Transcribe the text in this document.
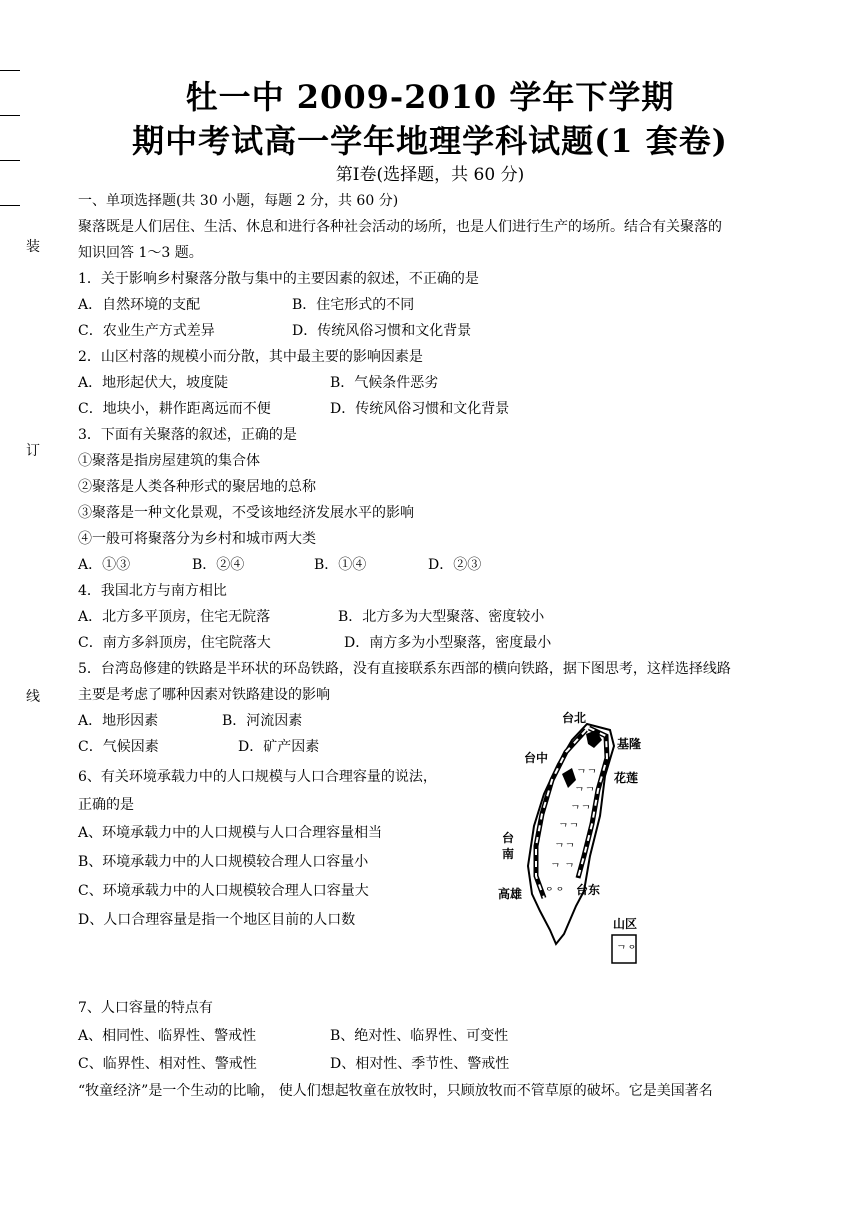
装
订
线
牡一中 2009-2010 学年下学期
期中考试高一学年地理学科试题(1 套卷)
第Ⅰ卷(选择题，共 60 分)
一、单项选择题(共 30 小题，每题 2 分，共 60 分)
聚落既是人们居住、生活、休息和进行各种社会活动的场所，也是人们进行生产的场所。结合有关聚落的
知识回答 1～3 题。
1．关于影响乡村聚落分散与集中的主要因素的叙述，不正确的是
A．自然环境的支配	B．住宅形式的不同
C．农业生产方式差异	D．传统风俗习惯和文化背景
2．山区村落的规模小而分散，其中最主要的影响因素是
A．地形起伏大，坡度陡	B．气候条件恶劣
C．地块小，耕作距离远而不便	D．传统风俗习惯和文化背景
3．下面有关聚落的叙述，正确的是
①聚落是指房屋建筑的集合体
②聚落是人类各种形式的聚居地的总称
③聚落是一种文化景观，不受该地经济发展水平的影响
④一般可将聚落分为乡村和城市两大类
A．①③	B．②④	B．①④	D．②③
4．我国北方与南方相比
A．北方多平顶房，住宅无院落	B．北方多为大型聚落、密度较小
C．南方多斜顶房，住宅院落大	D．南方多为小型聚落，密度最小
5．台湾岛修建的铁路是半环状的环岛铁路，没有直接联系东西部的横向铁路，据下图思考，这样选择线路
主要是考虑了哪种因素对铁路建设的影响
A．地形因素	B．河流因素
C．气候因素	D．矿产因素
6、有关环境承载力中的人口规模与人口合理容量的说法，
正确的是
A、环境承载力中的人口规模与人口合理容量相当
B、环境承载力中的人口规模较合理人口容量小
C、环境承载力中的人口规模较合理人口容量大
D、人口合理容量是指一个地区目前的人口数
ᄀᄀ
ᄀᄀ
ᄀᄀ
ᄀᄀ
ᄀᄀ
ᄀ ᄀ
ᄋᄋ
台北
基隆
台中
花莲
台
南
高雄	台东
山区
ᄀᄋ
7、人口容量的特点有
A、相同性、临界性、警戒性	B、绝对性、临界性、可变性
C、临界性、相对性、警戒性	D、相对性、季节性、警戒性
“牧童经济”是一个生动的比喻， 使人们想起牧童在放牧时，只顾放牧而不管草原的破坏。它是美国著名
